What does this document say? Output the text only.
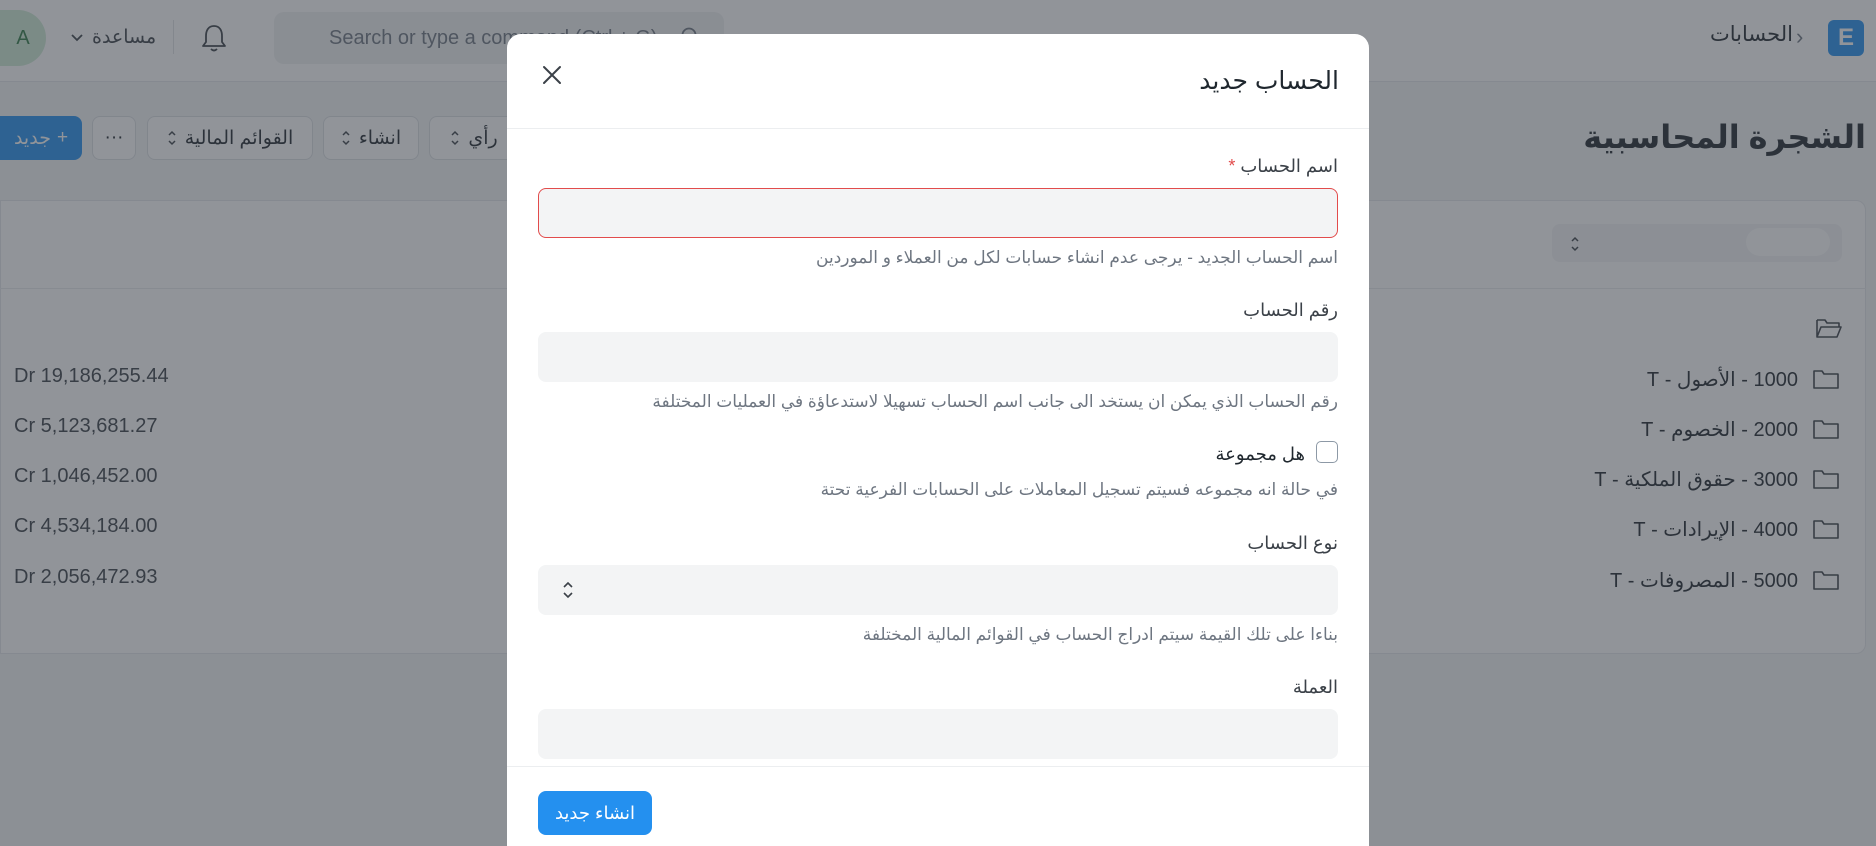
الحساب جديد
اسم الحساب *
اسم الحساب الجديد - يرجى عدم انشاء حسابات لكل من العملاء و الموردين
رقم الحساب
رقم الحساب الذي يمكن ان يستخد الى جانب اسم الحساب تسهيلا لاستدعاؤة في العمليات المختلفة
هل مجموعة
في حالة انه مجموعه فسيتم تسجيل المعاملات على الحسابات الفرعية تحتة
نوع الحساب
بناءا على تلك القيمة سيتم ادراج الحساب في القوائم المالية المختلفة
العملة
انشاء جديد
